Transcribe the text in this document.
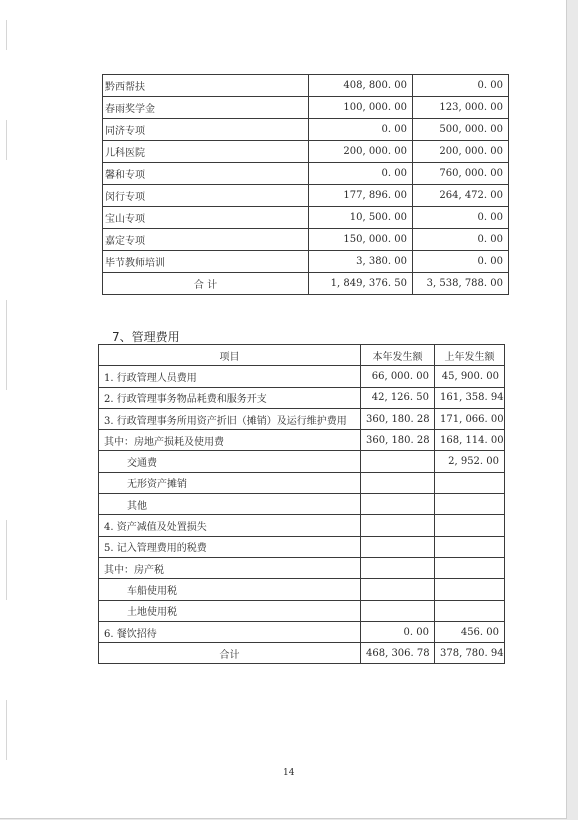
黔西帮扶	408, 800. 00	0. 00
春雨奖学金	100, 000. 00	123, 000. 00
同济专项	0. 00	500, 000. 00
儿科医院	200, 000. 00	200, 000. 00
馨和专项	0. 00	760, 000. 00
闵行专项	177, 896. 00	264, 472. 00
宝山专项	10, 500. 00	0. 00
嘉定专项	150, 000. 00	0. 00
毕节教师培训	3, 380. 00	0. 00
合 计	1, 849, 376. 50	3, 538, 788. 00
7、管理费用
项目	本年发生额	上年发生额
1. 行政管理人员费用	66, 000. 00	45, 900. 00
2. 行政管理事务物品耗费和服务开支	42, 126. 50	161, 358. 94
3. 行政管理事务所用资产折旧（摊销）及运行维护费用	360, 180. 28	171, 066. 00
其中：房地产损耗及使用费	360, 180. 28	168, 114. 00
交通费		2, 952. 00
无形资产摊销		
其他		
4. 资产减值及处置损失		
5. 记入管理费用的税费		
其中：房产税		
车船使用税		
土地使用税		
6. 餐饮招待	0. 00	456. 00
合计	468, 306. 78	378, 780. 94
14
